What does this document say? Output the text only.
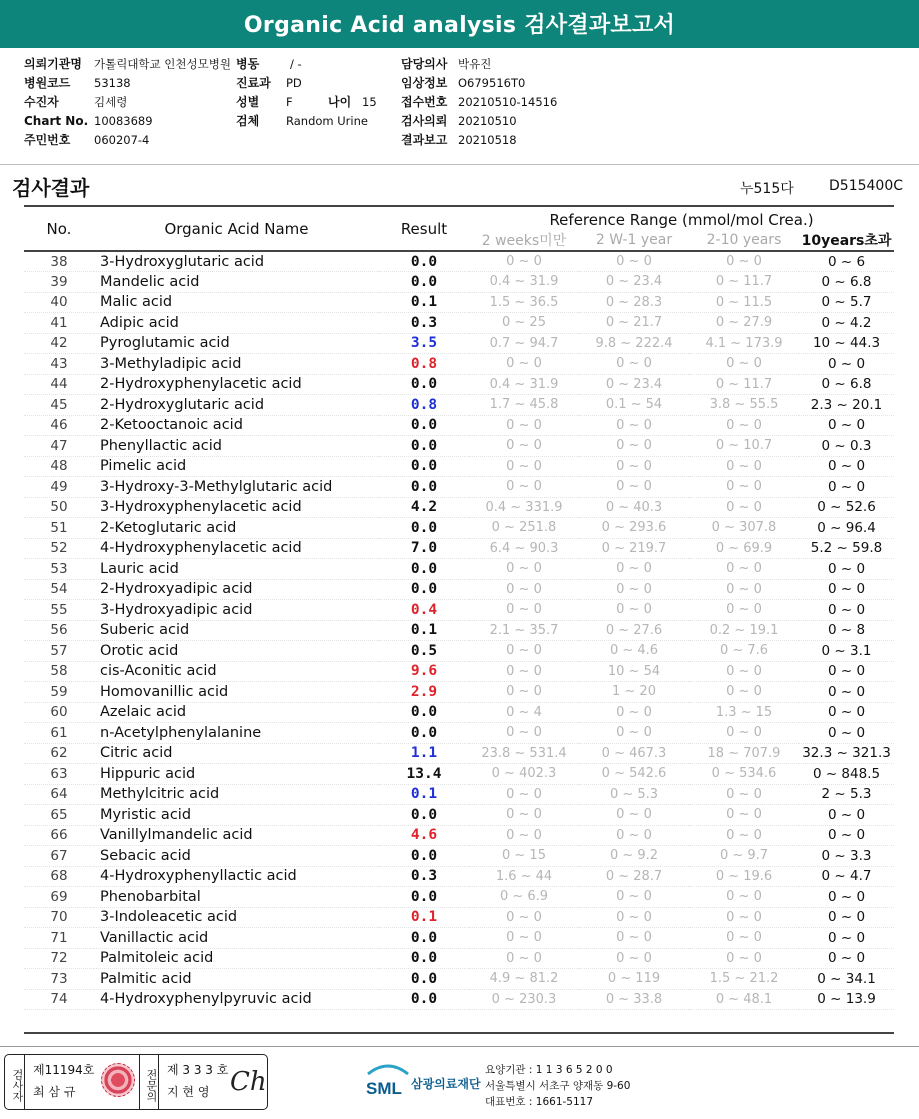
Organic Acid analysis 검사결과보고서
의뢰기관명 가톨릭대학교 인천성모병원
병원코드 53138
수진자	김세령
Chart No. 10083689
주민번호 060207-4
병동	/ -
진료과 PD
성별 F	나이 15
검체 Random Urine
담당의사 박유진
임상정보 O679516T0
접수번호 20210510-14516
검사의뢰 20210510
결과보고 20210518
검사결과	누515다	D515400C
No.	Organic Acid Name	Result	Reference Range (mmol/mol Crea.)			
			2 weeks미만	2 W-1 year	2-10 years	10years초과
38	3-Hydroxyglutaric acid	0.0	0 ~ 0	0 ~ 0	0 ~ 0	0 ~ 6
39	Mandelic acid	0.0	0.4 ~ 31.9	0 ~ 23.4	0 ~ 11.7	0 ~ 6.8
40	Malic acid	0.1	1.5 ~ 36.5	0 ~ 28.3	0 ~ 11.5	0 ~ 5.7
41	Adipic acid	0.3	0 ~ 25	0 ~ 21.7	0 ~ 27.9	0 ~ 4.2
42	Pyroglutamic acid	3.5	0.7 ~ 94.7	9.8 ~ 222.4	4.1 ~ 173.9	10 ~ 44.3
43	3-Methyladipic acid	0.8	0 ~ 0	0 ~ 0	0 ~ 0	0 ~ 0
44	2-Hydroxyphenylacetic acid	0.0	0.4 ~ 31.9	0 ~ 23.4	0 ~ 11.7	0 ~ 6.8
45	2-Hydroxyglutaric acid	0.8	1.7 ~ 45.8	0.1 ~ 54	3.8 ~ 55.5	2.3 ~ 20.1
46	2-Ketooctanoic acid	0.0	0 ~ 0	0 ~ 0	0 ~ 0	0 ~ 0
47	Phenyllactic acid	0.0	0 ~ 0	0 ~ 0	0 ~ 10.7	0 ~ 0.3
48	Pimelic acid	0.0	0 ~ 0	0 ~ 0	0 ~ 0	0 ~ 0
49	3-Hydroxy-3-Methylglutaric acid	0.0	0 ~ 0	0 ~ 0	0 ~ 0	0 ~ 0
50	3-Hydroxyphenylacetic acid	4.2	0.4 ~ 331.9	0 ~ 40.3	0 ~ 0	0 ~ 52.6
51	2-Ketoglutaric acid	0.0	0 ~ 251.8	0 ~ 293.6	0 ~ 307.8	0 ~ 96.4
52	4-Hydroxyphenylacetic acid	7.0	6.4 ~ 90.3	0 ~ 219.7	0 ~ 69.9	5.2 ~ 59.8
53	Lauric acid	0.0	0 ~ 0	0 ~ 0	0 ~ 0	0 ~ 0
54	2-Hydroxyadipic acid	0.0	0 ~ 0	0 ~ 0	0 ~ 0	0 ~ 0
55	3-Hydroxyadipic acid	0.4	0 ~ 0	0 ~ 0	0 ~ 0	0 ~ 0
56	Suberic acid	0.1	2.1 ~ 35.7	0 ~ 27.6	0.2 ~ 19.1	0 ~ 8
57	Orotic acid	0.5	0 ~ 0	0 ~ 4.6	0 ~ 7.6	0 ~ 3.1
58	cis-Aconitic acid	9.6	0 ~ 0	10 ~ 54	0 ~ 0	0 ~ 0
59	Homovanillic acid	2.9	0 ~ 0	1 ~ 20	0 ~ 0	0 ~ 0
60	Azelaic acid	0.0	0 ~ 4	0 ~ 0	1.3 ~ 15	0 ~ 0
61	n-Acetylphenylalanine	0.0	0 ~ 0	0 ~ 0	0 ~ 0	0 ~ 0
62	Citric acid	1.1	23.8 ~ 531.4	0 ~ 467.3	18 ~ 707.9	32.3 ~ 321.3
63	Hippuric acid	13.4	0 ~ 402.3	0 ~ 542.6	0 ~ 534.6	0 ~ 848.5
64	Methylcitric acid	0.1	0 ~ 0	0 ~ 5.3	0 ~ 0	2 ~ 5.3
65	Myristic acid	0.0	0 ~ 0	0 ~ 0	0 ~ 0	0 ~ 0
66	Vanillylmandelic acid	4.6	0 ~ 0	0 ~ 0	0 ~ 0	0 ~ 0
67	Sebacic acid	0.0	0 ~ 15	0 ~ 9.2	0 ~ 9.7	0 ~ 3.3
68	4-Hydroxyphenyllactic acid	0.3	1.6 ~ 44	0 ~ 28.7	0 ~ 19.6	0 ~ 4.7
69	Phenobarbital	0.0	0 ~ 6.9	0 ~ 0	0 ~ 0	0 ~ 0
70	3-Indoleacetic acid	0.1	0 ~ 0	0 ~ 0	0 ~ 0	0 ~ 0
71	Vanillactic acid	0.0	0 ~ 0	0 ~ 0	0 ~ 0	0 ~ 0
72	Palmitoleic acid	0.0	0 ~ 0	0 ~ 0	0 ~ 0	0 ~ 0
73	Palmitic acid	0.0	4.9 ~ 81.2	0 ~ 119	1.5 ~ 21.2	0 ~ 34.1
74	4-Hydroxyphenylpyruvic acid	0.0	0 ~ 230.3	0 ~ 33.8	0 ~ 48.1	0 ~ 13.9
검사자 제11194호
최 삼 규	전문의 제 3 3 3 호
지 현 영 Ch	SML 삼광의료재단
요양기관 : 1 1 3 6 5 2 0 0
서울특별시 서초구 양재동 9-60
대표번호 : 1661-5117
